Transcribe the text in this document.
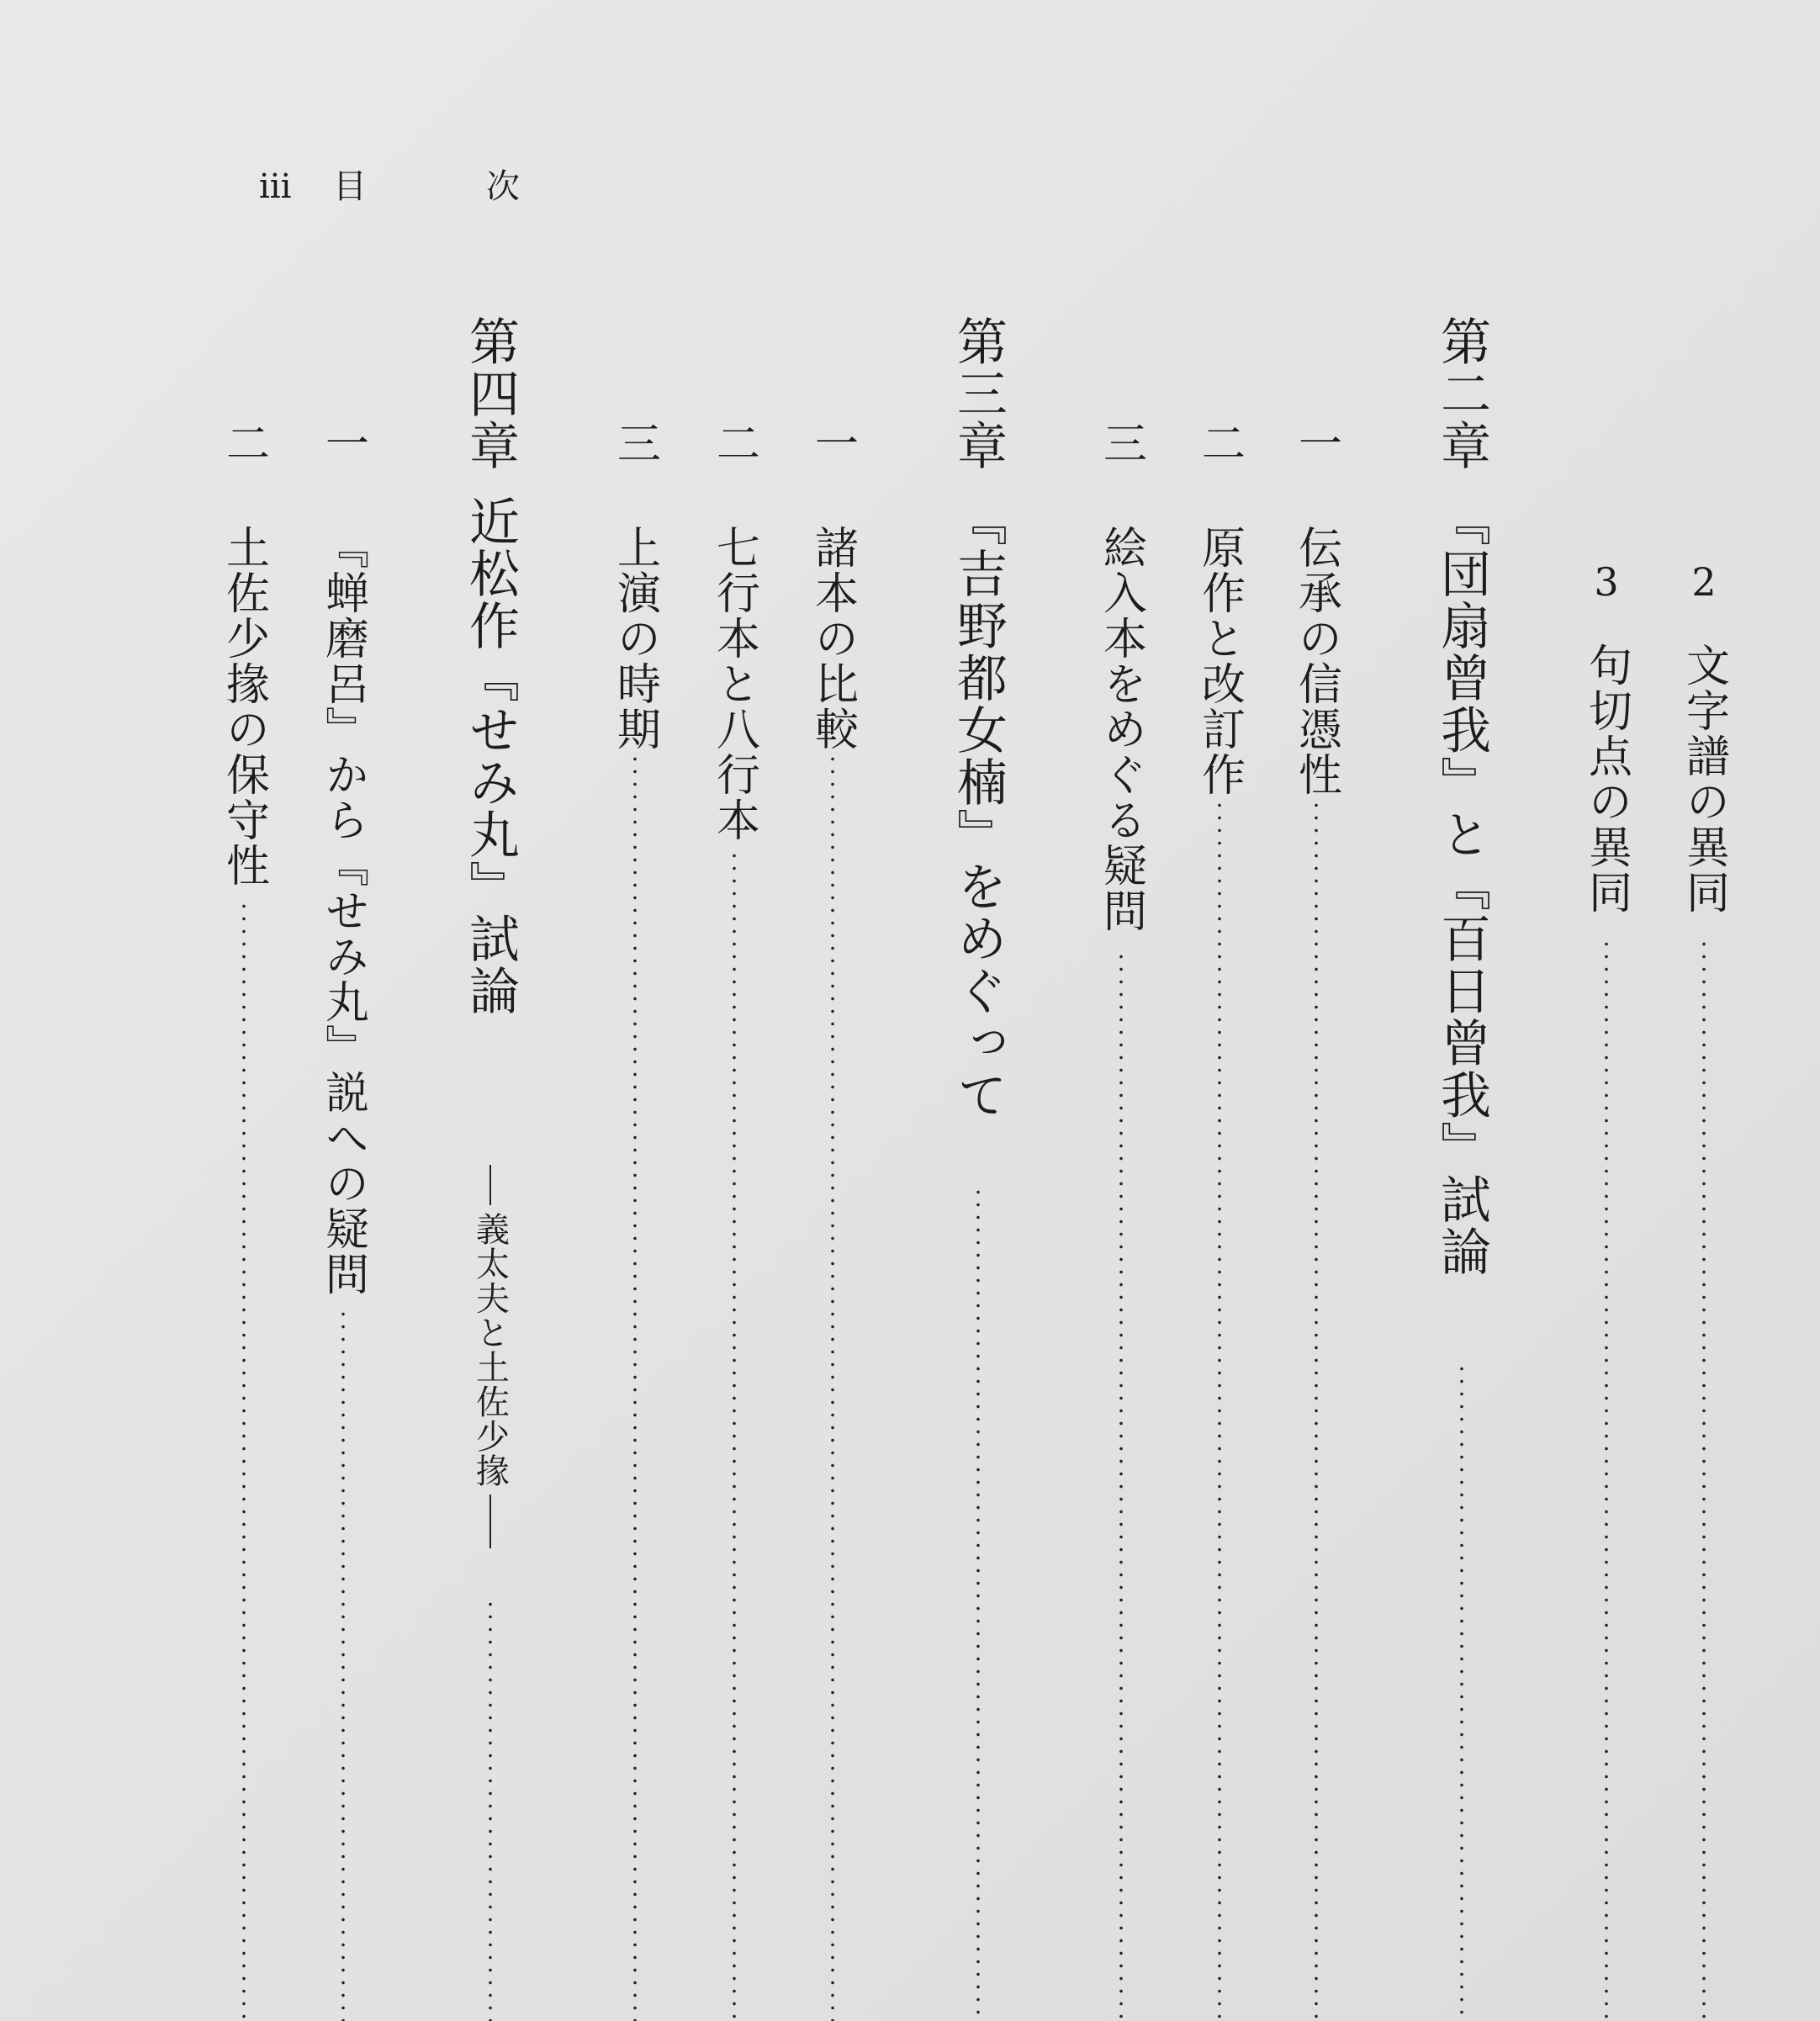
iii 目	次
2
文字譜の異同
3
句切点の異同
第二章
『団扇曾我』と『百日曾我』試論
一
伝承の信憑性
二
原作と改訂作
三
絵入本をめぐる疑問
第三章
『吉野都女楠』をめぐって
一
諸本の比較
二
七行本と八行本
三
上演の時期
第四章
近松作『せみ丸』試論
義太夫と土佐少掾
一
『蝉磨呂』から『せみ丸』説への疑問
二
土佐少掾の保守性
